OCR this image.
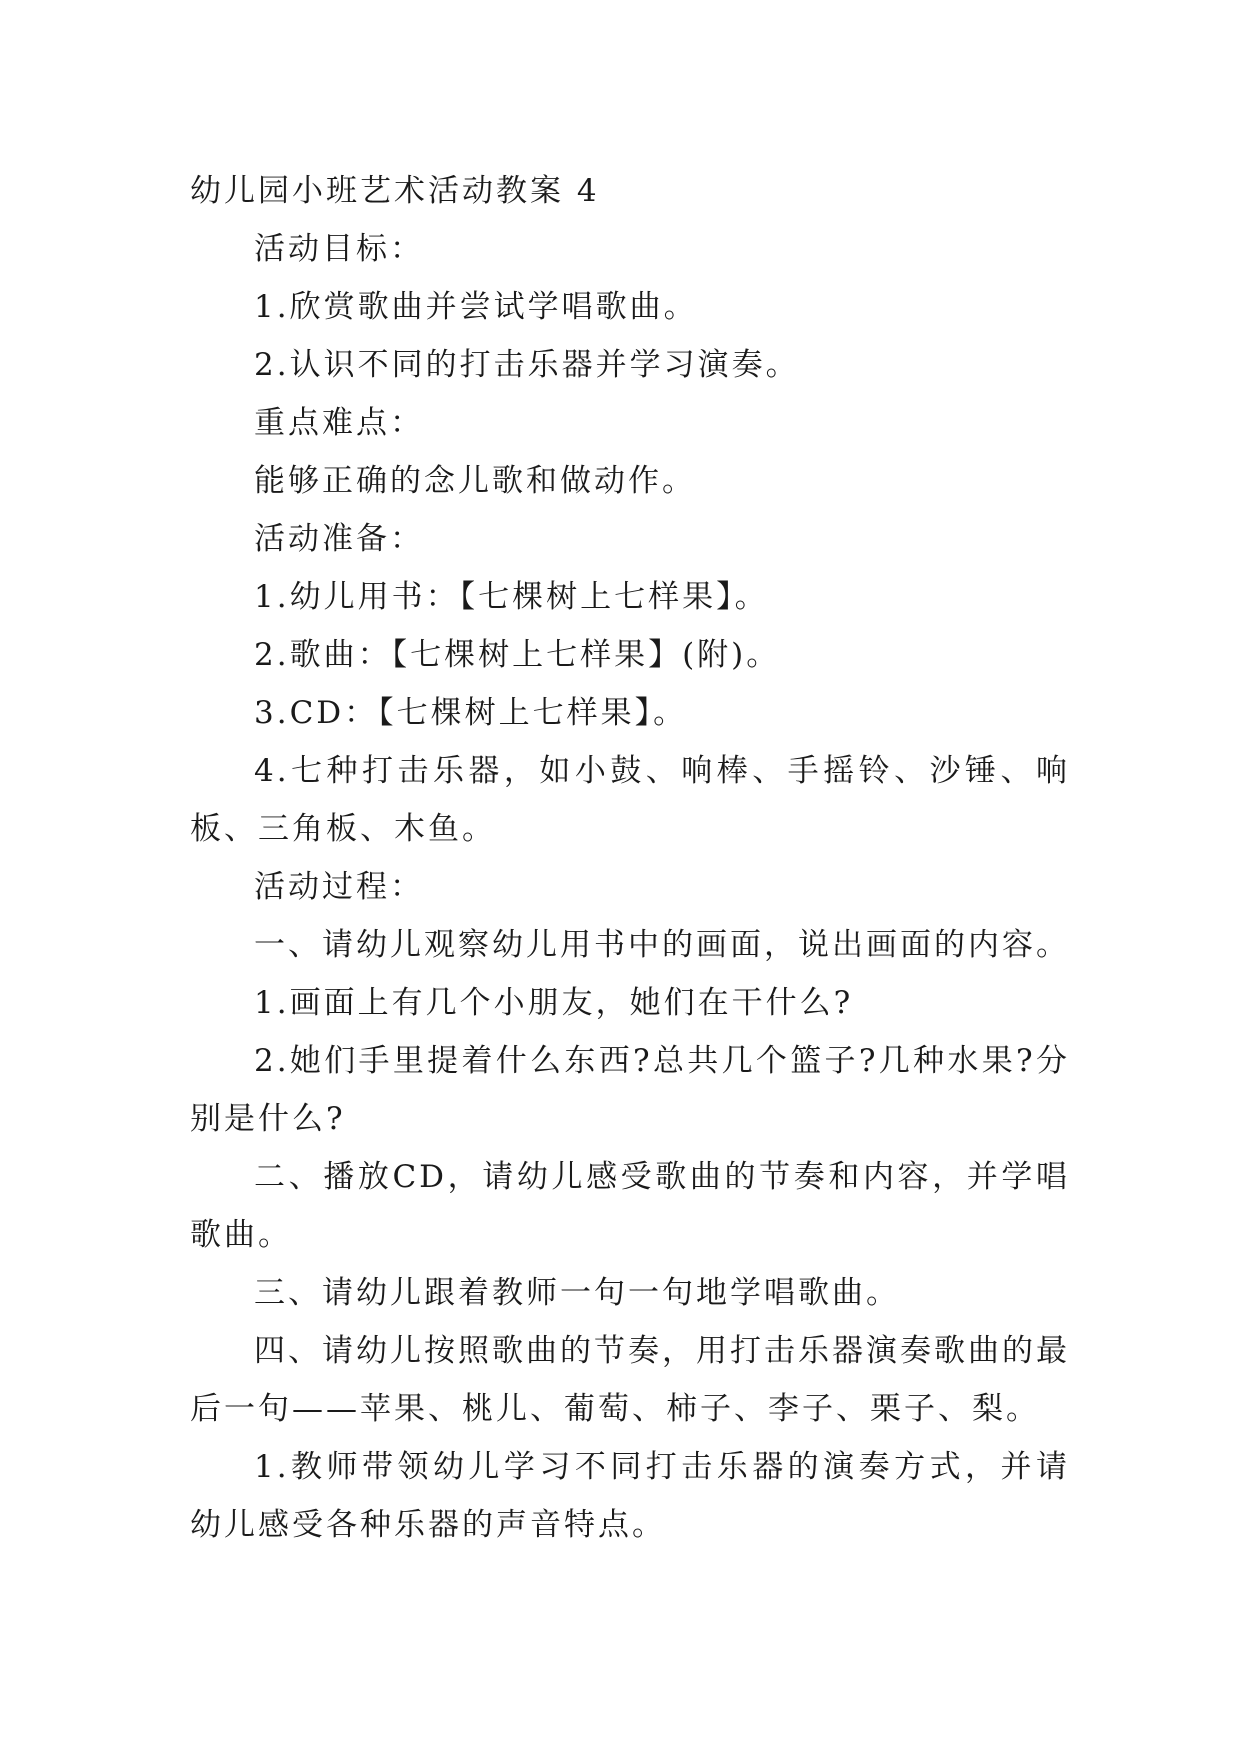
幼儿园小班艺术活动教案 4

活动目标：

1.欣赏歌曲并尝试学唱歌曲。

2.认识不同的打击乐器并学习演奏。

重点难点：

能够正确的念儿歌和做动作。

活动准备：

1.幼儿用书：【七棵树上七样果】。

2.歌曲：【七棵树上七样果】(附)。

3.CD：【七棵树上七样果】。

4.七种打击乐器，如小鼓、响棒、手摇铃、沙锤、响板、三角板、木鱼。

活动过程：

一、请幼儿观察幼儿用书中的画面，说出画面的内容。

1.画面上有几个小朋友，她们在干什么?

2.她们手里提着什么东西?总共几个篮子?几种水果?分别是什么?

二、播放CD，请幼儿感受歌曲的节奏和内容，并学唱歌曲。

三、请幼儿跟着教师一句一句地学唱歌曲。

四、请幼儿按照歌曲的节奏，用打击乐器演奏歌曲的最后一句——苹果、桃儿、葡萄、柿子、李子、栗子、梨。

1.教师带领幼儿学习不同打击乐器的演奏方式，并请幼儿感受各种乐器的声音特点。
